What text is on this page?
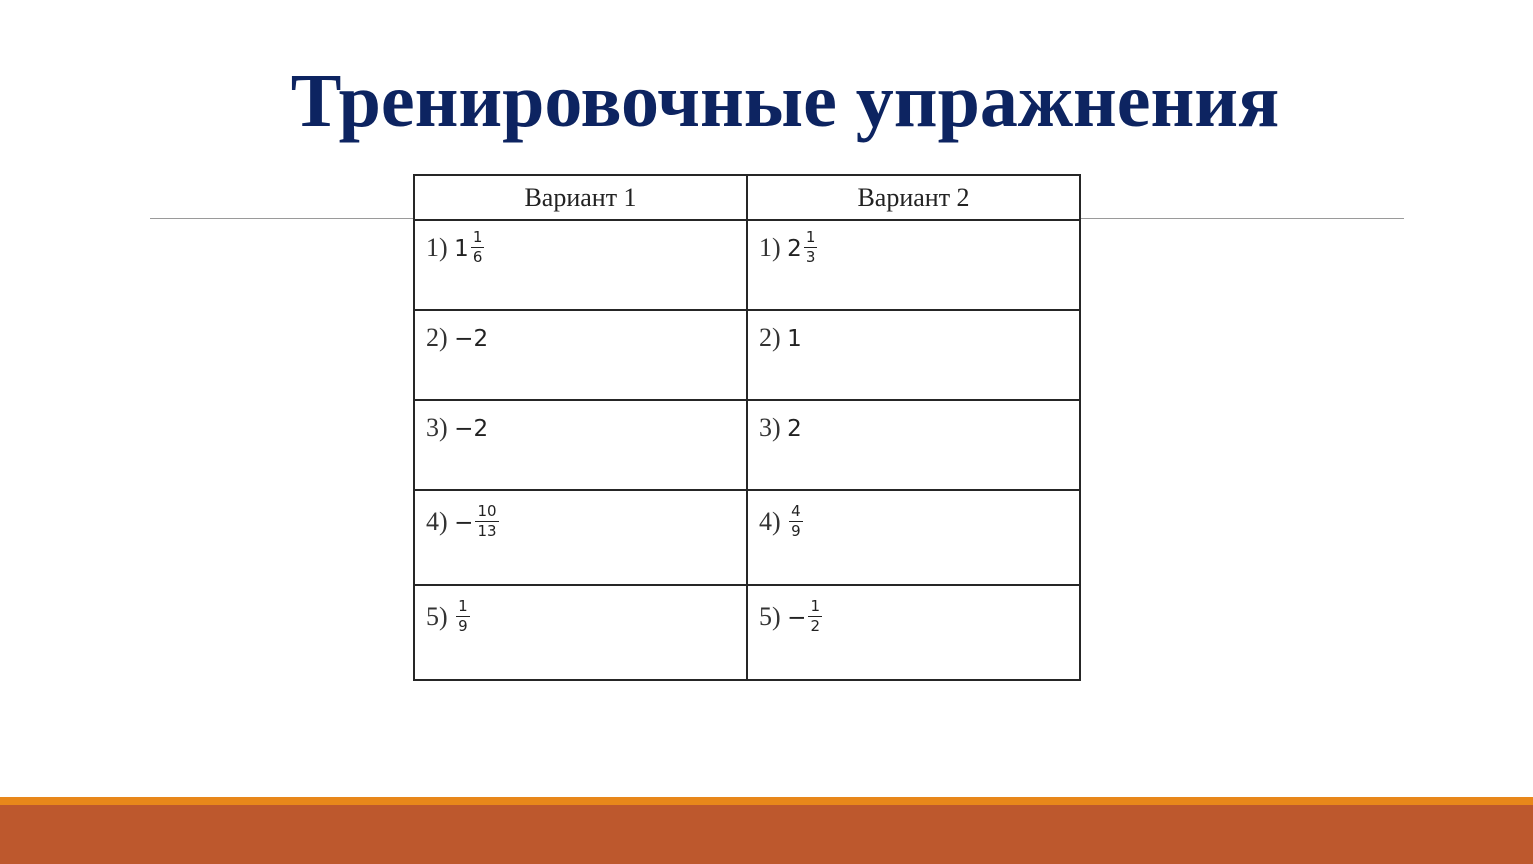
Тренировочные упражнения
Вариант 1	Вариант 2

1) $1 \frac{1}{6}$	1) $2 \frac{1}{3}$

2) −2	2) 1

3) −2	3) 2

$4) - \frac{10}{13}$	$4) \frac{4}{9}$

$5) \frac{1}{9}$	$5) - \frac{1}{2}$
